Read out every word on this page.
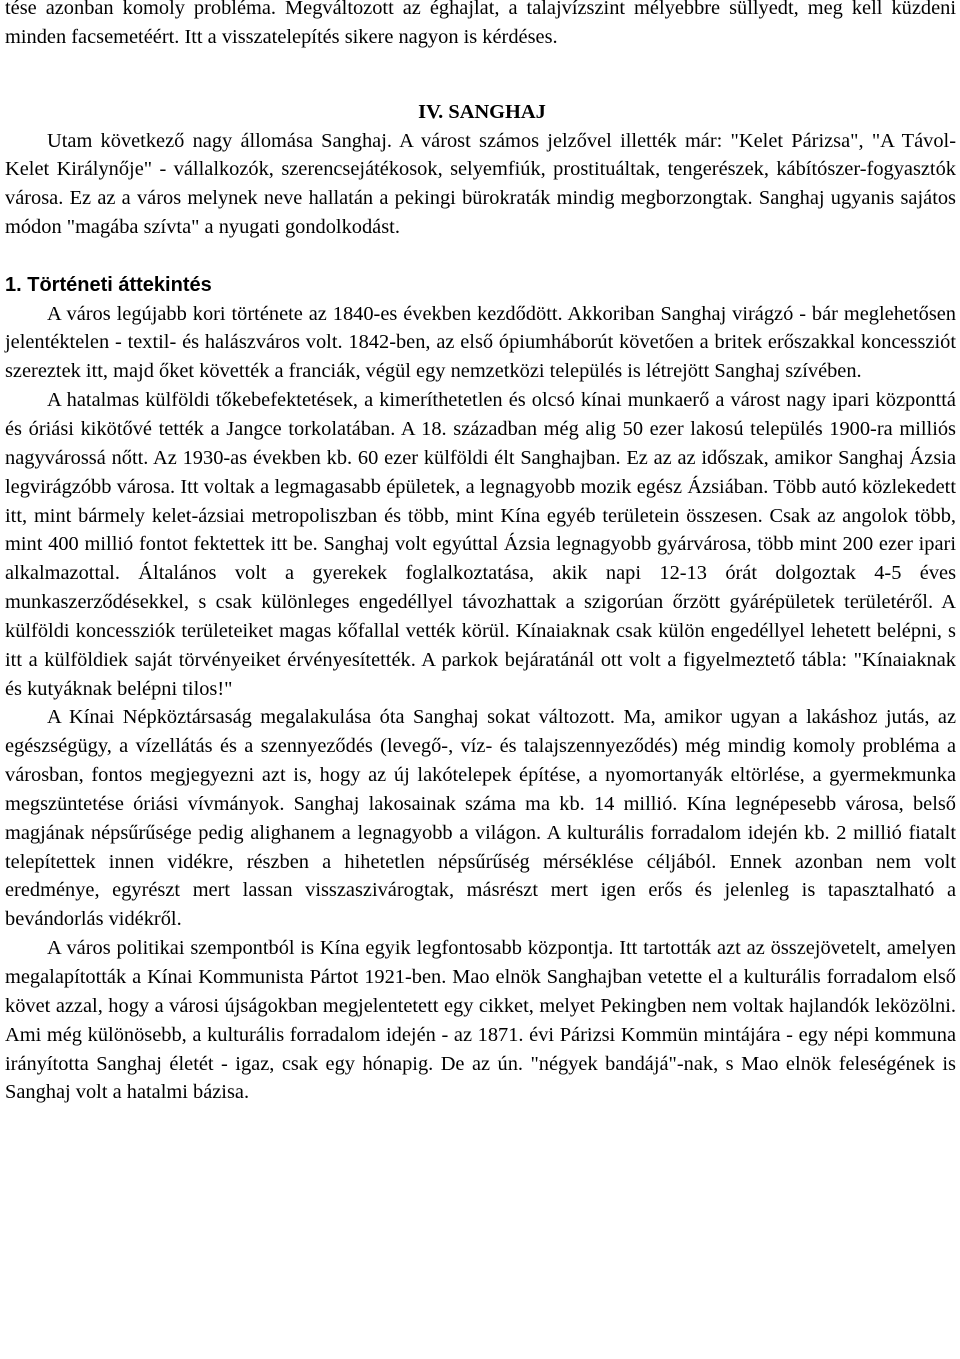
tése azonban komoly probléma. Megváltozott az éghajlat, a talajvízszint mélyebbre süllyedt, meg kell küzdeni minden facsemetéért. Itt a visszatelepítés sikere nagyon is kérdéses.

IV. SANGHAJ

Utam következő nagy állomása Sanghaj. A várost számos jelzővel illették már: "Kelet Párizsa", "A Távol-Kelet Királynője" - vállalkozók, szerencsejátékosok, selyemfiúk, prostituáltak, tengerészek, kábítószer-fogyasztók városa. Ez az a város melynek neve hallatán a pekingi bürokraták mindig megborzongtak. Sanghaj ugyanis sajátos módon "magába szívta" a nyugati gondolkodást.

1. Történeti áttekintés

A város legújabb kori története az 1840-es években kezdődött. Akkoriban Sanghaj virágzó - bár meglehetősen jelentéktelen - textil- és halászváros volt. 1842-ben, az első ópiumháborút követően a britek erőszakkal koncessziót szereztek itt, majd őket követték a franciák, végül egy nemzetközi település is létrejött Sanghaj szívében.

A hatalmas külföldi tőkebefektetések, a kimeríthetetlen és olcsó kínai munkaerő a várost nagy ipari központtá és óriási kikötővé tették a Jangce torkolatában. A 18. században még alig 50 ezer lakosú település 1900-ra milliós nagyvárossá nőtt. Az 1930-as években kb. 60 ezer külföldi élt Sanghajban. Ez az az időszak, amikor Sanghaj Ázsia legvirágzóbb városa. Itt voltak a legmagasabb épületek, a legnagyobb mozik egész Ázsiában. Több autó közlekedett itt, mint bármely kelet-ázsiai metropoliszban és több, mint Kína egyéb területein összesen. Csak az angolok több, mint 400 millió fontot fektettek itt be. Sanghaj volt egyúttal Ázsia legnagyobb gyárvárosa, több mint 200 ezer ipari alkalmazottal. Általános volt a gyerekek foglalkoztatása, akik napi 12-13 órát dolgoztak 4-5 éves munkaszerződésekkel, s csak különleges engedéllyel távozhattak a szigorúan őrzött gyárépületek területéről. A külföldi koncessziók területeiket magas kőfallal vették körül. Kínaiaknak csak külön engedéllyel lehetett belépni, s itt a külföldiek saját törvényeiket érvényesítették. A parkok bejáratánál ott volt a figyelmeztető tábla: "Kínaiaknak és kutyáknak belépni tilos!"

A Kínai Népköztársaság megalakulása óta Sanghaj sokat változott. Ma, amikor ugyan a lakáshoz jutás, az egészségügy, a vízellátás és a szennyeződés (levegő-, víz- és talajszennyeződés) még mindig komoly probléma a városban, fontos megjegyezni azt is, hogy az új lakótelepek építése, a nyomortanyák eltörlése, a gyermekmunka megszüntetése óriási vívmányok. Sanghaj lakosainak száma ma kb. 14 millió. Kína legnépesebb városa, belső magjának népsűrűsége pedig alighanem a legnagyobb a világon. A kulturális forradalom idején kb. 2 millió fiatalt telepítettek innen vidékre, részben a hihetetlen népsűrűség mérséklése céljából. Ennek azonban nem volt eredménye, egyrészt mert lassan visszaszivárogtak, másrészt mert igen erős és jelenleg is tapasztalható a bevándorlás vidékről.

A város politikai szempontból is Kína egyik legfontosabb központja. Itt tartották azt az összejövetelt, amelyen megalapították a Kínai Kommunista Pártot 1921-ben. Mao elnök Sanghajban vetette el a kulturális forradalom első követ azzal, hogy a városi újságokban megjelentetett egy cikket, melyet Pekingben nem voltak hajlandók leközölni. Ami még különösebb, a kulturális forradalom idején - az 1871. évi Párizsi Kommün mintájára - egy népi kommuna irányította Sanghaj életét - igaz, csak egy hónapig. De az ún. "négyek bandájá"-nak, s Mao elnök feleségének is Sanghaj volt a hatalmi bázisa.
